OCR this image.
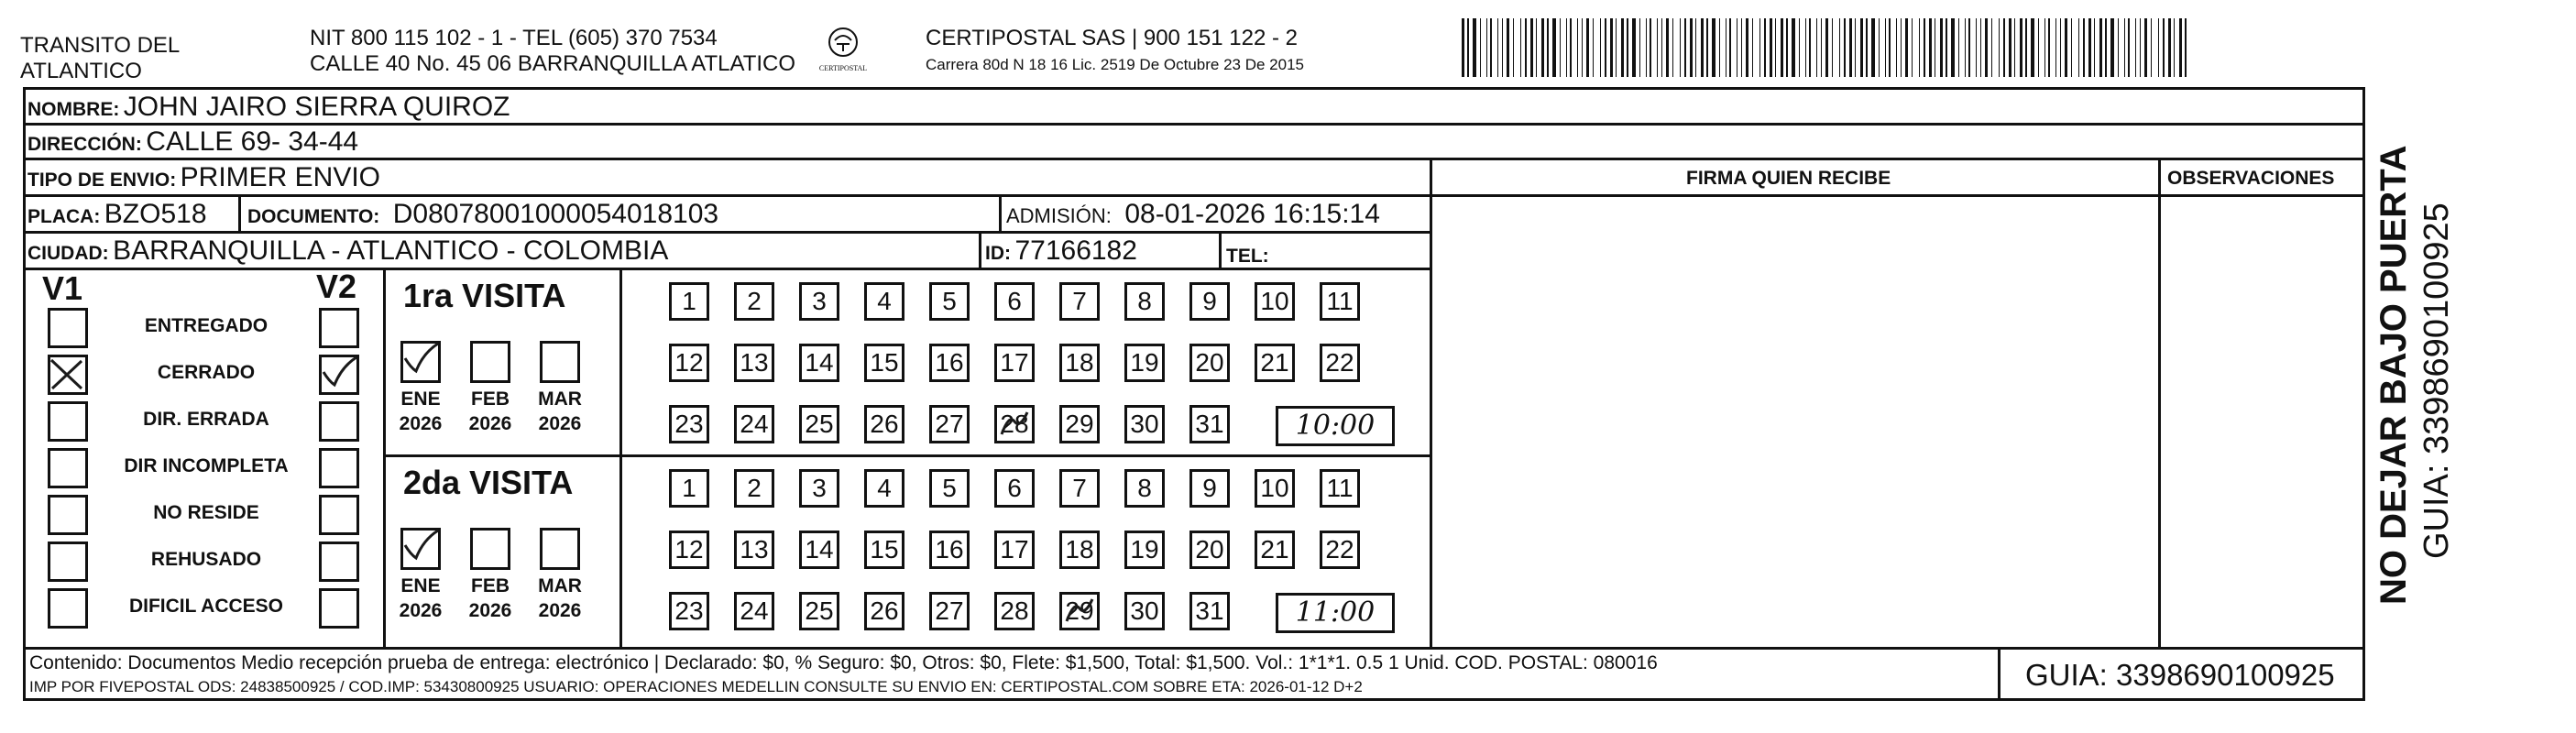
TRANSITO DEL
ATLANTICO
NIT 800 115 102 - 1 - TEL (605) 370 7534
CALLE 40 No. 45 06 BARRANQUILLA ATLATICO	CERTIPOSTAL
CERTIPOSTAL SAS | 900 151 122 - 2
Carrera 80d N 18 16 Lic. 2519 De Octubre 23 De 2015
NOMBRE: JOHN JAIRO SIERRA QUIROZ
DIRECCIÓN: CALLE 69- 34-44
TIPO DE ENVIO: PRIMER ENVIO	FIRMA QUIEN RECIBE	OBSERVACIONES
PLACA: BZO518 DOCUMENTO: D08078001000054018103	ADMISIÓN: 08-01-2026 16:15:14
CIUDAD: BARRANQUILLA - ATLANTICO - COLOMBIA	ID: 77166182	TEL:
V1	V2
ENTREGADO
CERRADO
DIR. ERRADA
DIR INCOMPLETA
NO RESIDE
REHUSADO
DIFICIL ACCESO
1ra VISITA
ENE
2026
FEB
2026
MAR
2026
1	2	3	4	5	6	7	8	9	10 11
12 13 14 15 16 17 18 19 20 21 22
23 24 25 26 27 28 29 30 31	10:00
2da VISITA
ENE
2026
FEB
2026
MAR
2026
1	2	3	4	5	6	7	8	9	10 11
12 13 14 15 16 17 18 19 20 21 22
23 24 25 26 27 28 29 30 31	11:00
Contenido: Documentos Medio recepción prueba de entrega: electrónico | Declarado: $0, % Seguro: $0, Otros: $0, Flete: $1,500, Total: $1,500. Vol.: 1*1*1. 0.5 1 Unid. COD. POSTAL: 080016
IMP POR FIVEPOSTAL ODS: 24838500925 / COD.IMP: 53430800925 USUARIO: OPERACIONES MEDELLIN CONSULTE SU ENVIO EN: CERTIPOSTAL.COM SOBRE ETA: 2026-01-12 D+2	GUIA: 3398690100925
NO DEJAR BAJO PUERTA GUIA: 3398690100925
